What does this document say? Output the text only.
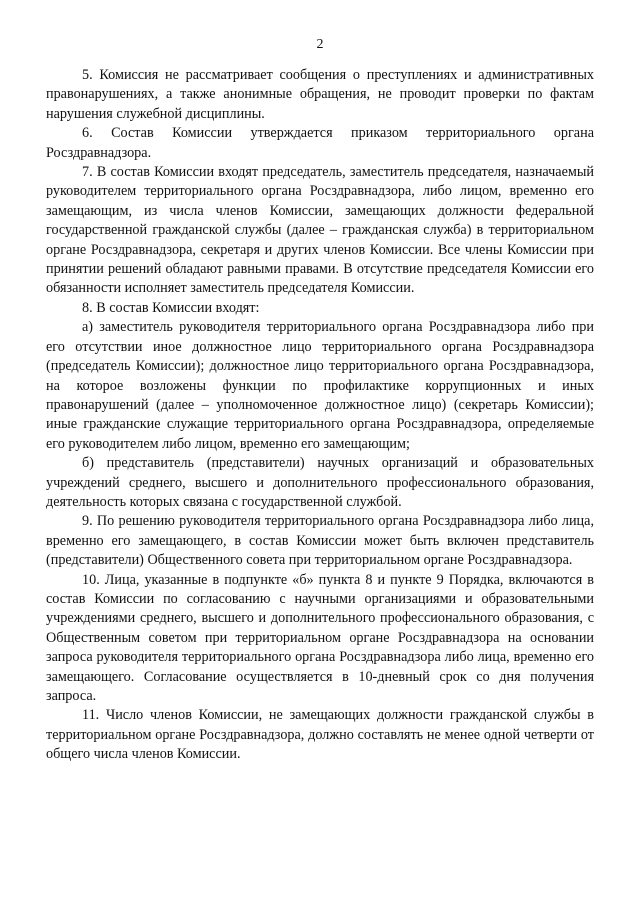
2

5. Комиссия не рассматривает сообщения о преступлениях и административных правонарушениях, а также анонимные обращения, не проводит проверки по фактам нарушения служебной дисциплины.

6. Состав Комиссии утверждается приказом территориального органа Росздравнадзора.

7. В состав Комиссии входят председатель, заместитель председателя, назначаемый руководителем территориального органа Росздравнадзора, либо лицом, временно его замещающим, из числа членов Комиссии, замещающих должности федеральной государственной гражданской службы (далее – гражданская служба) в территориальном органе Росздравнадзора, секретаря и других членов Комиссии. Все члены Комиссии при принятии решений обладают равными правами. В отсутствие председателя Комиссии его обязанности исполняет заместитель председателя Комиссии.

8. В состав Комиссии входят:

а) заместитель руководителя территориального органа Росздравнадзора либо при его отсутствии иное должностное лицо территориального органа Росздравнадзора (председатель Комиссии); должностное лицо территориального органа Росздравнадзора, на которое возложены функции по профилактике коррупционных и иных правонарушений (далее – уполномоченное должностное лицо) (секретарь Комиссии); иные гражданские служащие территориального органа Росздравнадзора, определяемые его руководителем либо лицом, временно его замещающим;

б) представитель (представители) научных организаций и образовательных учреждений среднего, высшего и дополнительного профессионального образования, деятельность которых связана с государственной службой.

9. По решению руководителя территориального органа Росздравнадзора либо лица, временно его замещающего, в состав Комиссии может быть включен представитель (представители) Общественного совета при территориальном органе Росздравнадзора.

10. Лица, указанные в подпункте «б» пункта 8 и пункте 9 Порядка, включаются в состав Комиссии по согласованию с научными организациями и образовательными учреждениями среднего, высшего и дополнительного профессионального образования, с Общественным советом при территориальном органе Росздравнадзора на основании запроса руководителя территориального органа Росздравнадзора либо лица, временно его замещающего. Согласование осуществляется в 10-дневный срок со дня получения запроса.

11. Число членов Комиссии, не замещающих должности гражданской службы в территориальном органе Росздравнадзора, должно составлять не менее одной четверти от общего числа членов Комиссии.
